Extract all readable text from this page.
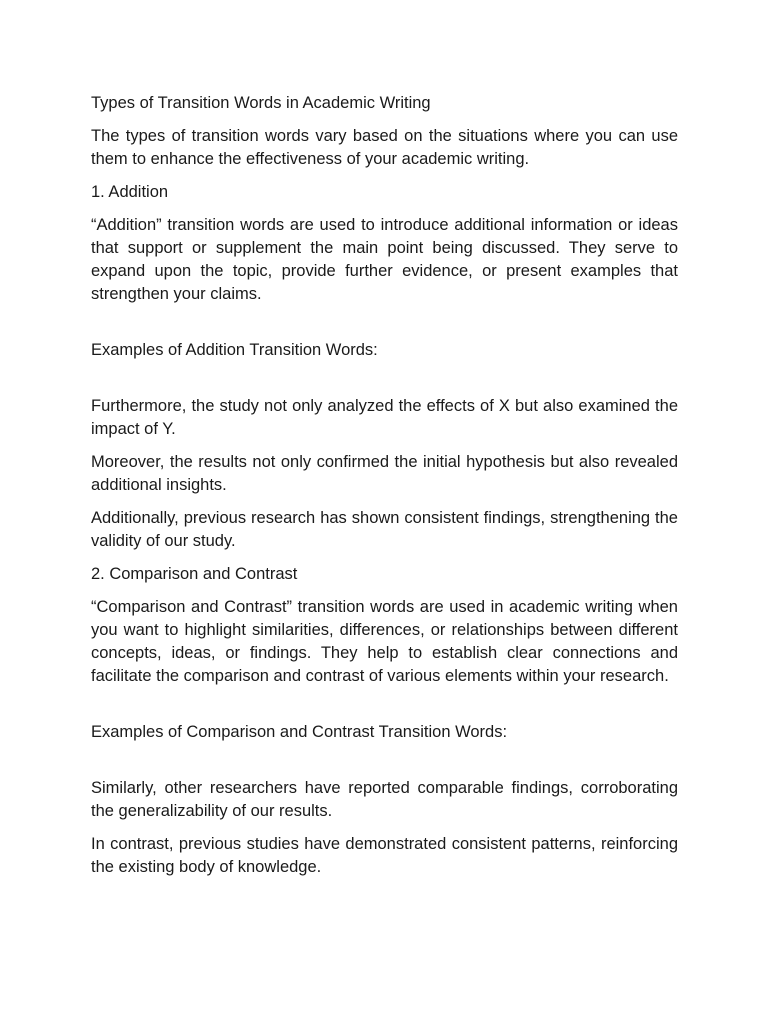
Types of Transition Words in Academic Writing

The types of transition words vary based on the situations where you can use them to enhance the effectiveness of your academic writing.

1. Addition

“Addition” transition words are used to introduce additional information or ideas that support or supplement the main point being discussed. They serve to expand upon the topic, provide further evidence, or present examples that strengthen your claims.

Examples of Addition Transition Words:

Furthermore, the study not only analyzed the effects of X but also examined the impact of Y.

Moreover, the results not only confirmed the initial hypothesis but also revealed additional insights.

Additionally, previous research has shown consistent findings, strengthening the validity of our study.

2. Comparison and Contrast

“Comparison and Contrast” transition words are used in academic writing when you want to highlight similarities, differences, or relationships between different concepts, ideas, or findings. They help to establish clear connections and facilitate the comparison and contrast of various elements within your research.

Examples of Comparison and Contrast Transition Words:

Similarly, other researchers have reported comparable findings, corroborating the generalizability of our results.

In contrast, previous studies have demonstrated consistent patterns, reinforcing the existing body of knowledge.
